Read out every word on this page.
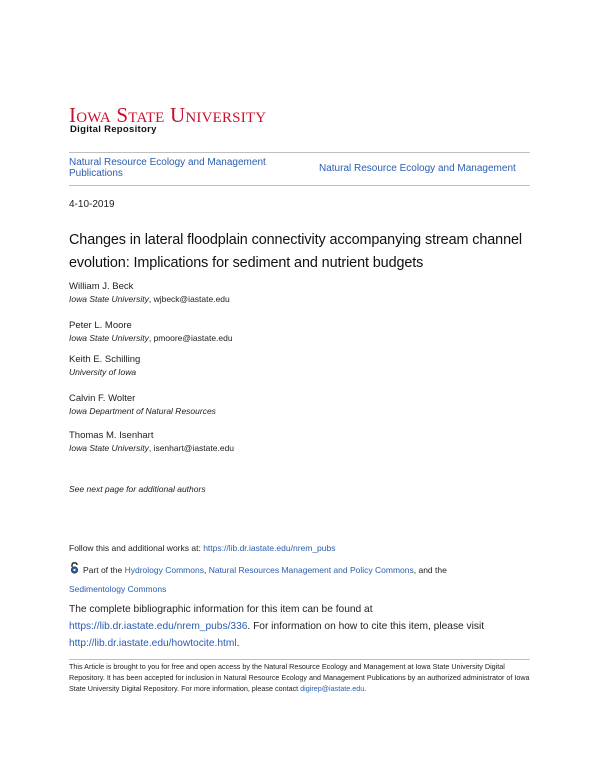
Iowa State University
Digital Repository
Natural Resource Ecology and Management Publications	Natural Resource Ecology and Management
4-10-2019
Changes in lateral floodplain connectivity accompanying stream channel evolution: Implications for sediment and nutrient budgets
William J. Beck
Iowa State University, wjbeck@iastate.edu
Peter L. Moore
Iowa State University, pmoore@iastate.edu
Keith E. Schilling
University of Iowa
Calvin F. Wolter
Iowa Department of Natural Resources
Thomas M. Isenhart
Iowa State University, isenhart@iastate.edu
See next page for additional authors
Follow this and additional works at: https://lib.dr.iastate.edu/nrem_pubs
Part of the Hydrology Commons, Natural Resources Management and Policy Commons, and the
Sedimentology Commons
The complete bibliographic information for this item can be found at https://lib.dr.iastate.edu/nrem_pubs/336. For information on how to cite this item, please visit http://lib.dr.iastate.edu/howtocite.html.
This Article is brought to you for free and open access by the Natural Resource Ecology and Management at Iowa State University Digital Repository. It has been accepted for inclusion in Natural Resource Ecology and Management Publications by an authorized administrator of Iowa State University Digital Repository. For more information, please contact digirep@iastate.edu.
